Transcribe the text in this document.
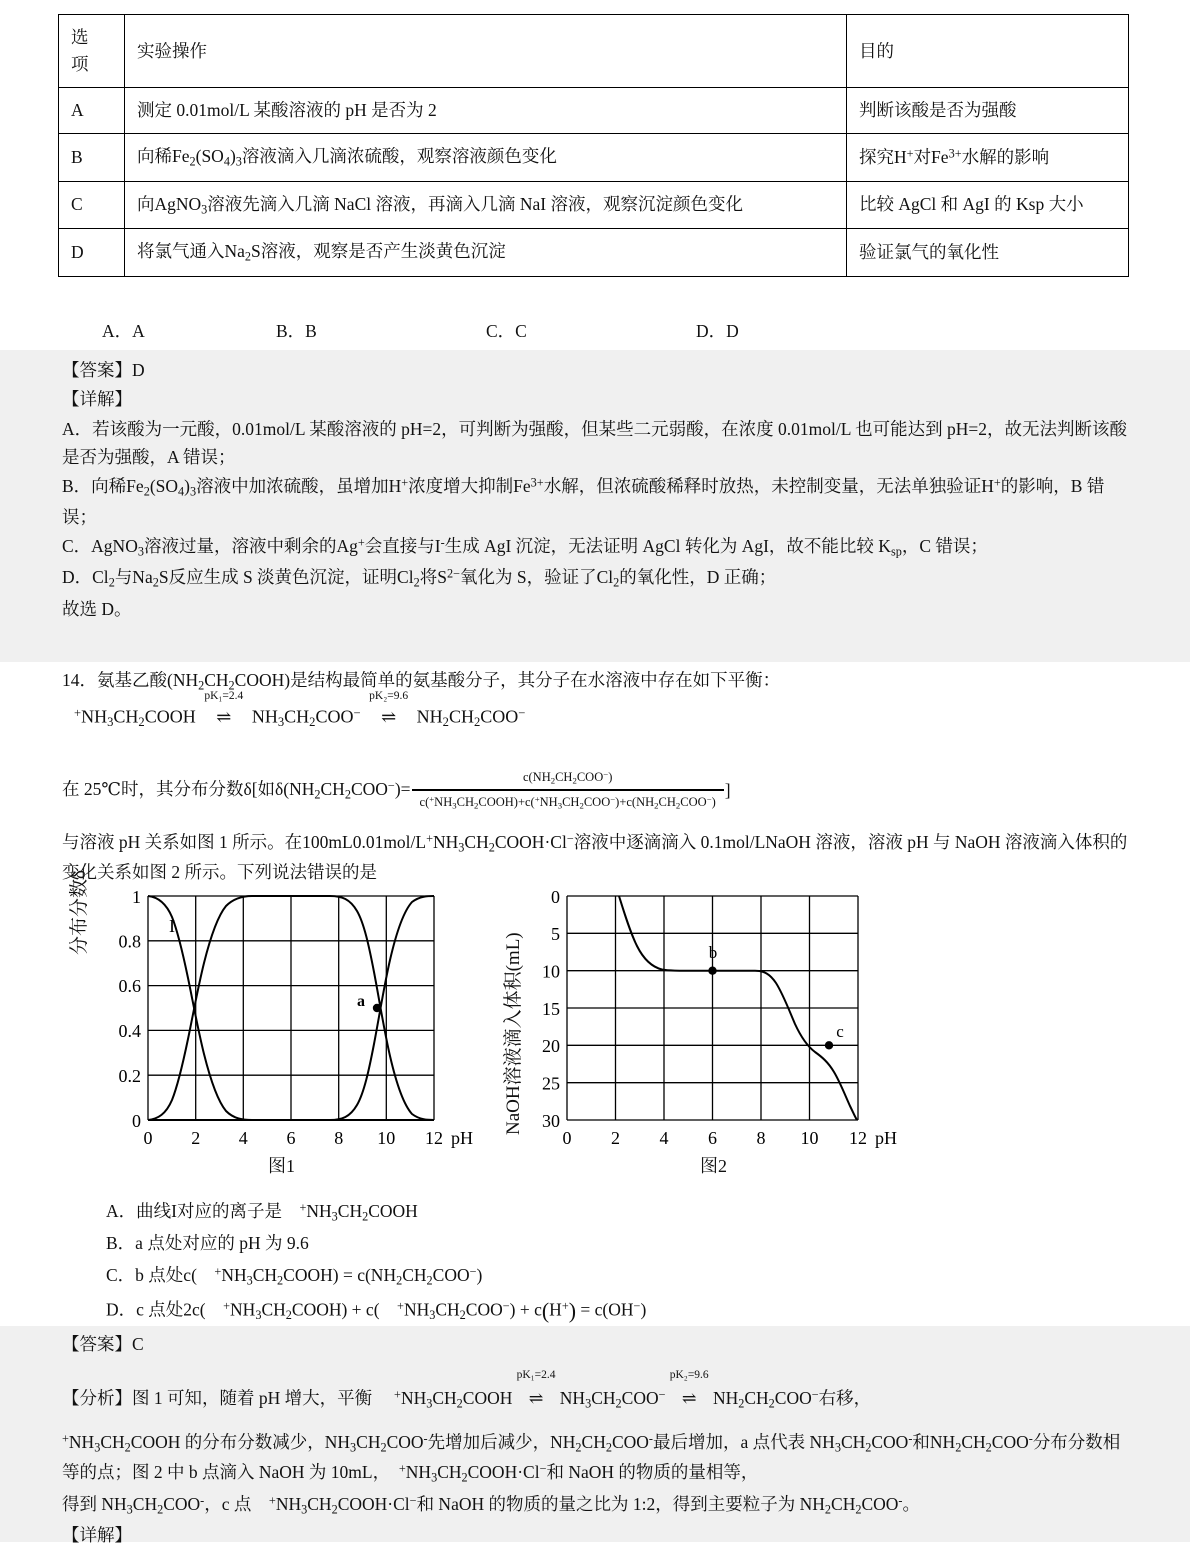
选
项	实验操作	目的
A	测定 0.01mol/L 某酸溶液的 pH 是否为 2	判断该酸是否为强酸
B	向稀$Fe_2(SO_4)_3$溶液滴入几滴浓硫酸，观察溶液颜色变化	探究H+对$Fe^{3+}$水解的影响
C	向AgNO$_3$溶液先滴入几滴 NaCl 溶液，再滴入几滴 NaI 溶液，观察沉淀颜色变化	比较 AgCl 和 AgI 的 Ksp 大小
D	将氯气通入$Na_2S$溶液，观察是否产生淡黄色沉淀	验证氯气的氧化性
A．A	B．B	C．C	D．D

【答案】D

【详解】

A．若该酸为一元酸，0.01mol/L 某酸溶液的 pH=2，可判断为强酸，但某些二元弱酸，在浓度 0.01mol/L 也可能达到 pH=2，故无法判断该酸是否为强酸，A 错误；

B．向稀$Fe_2(SO_4)_3$溶液中加浓硫酸，虽增加H+浓度增大抑制$Fe^{3+}$水解，但浓硫酸稀释时放热，未控制变量，无法单独验证H+的影响，B 错误；

C．AgNO$_3$溶液过量，溶液中剩余的Ag+会直接与I-生成 AgI 沉淀，无法证明 AgCl 转化为 AgI，故不能比较 $K_{sp}$，C 错误；

D．$Cl_2$与$Na_2S$反应生成 S 淡黄色沉淀，证明$Cl_2$将$S^{2-}$氧化为 S，验证了$Cl_2$的氧化性，D 正确；

故选 D。

14．氨基乙酸$(NH_2CH_2COOH)$是结构最简单的氨基酸分子，其分子在水溶液中存在如下平衡：
$^+NH_3CH_2COOH$
pK₁=2.4
⇌ $NH_3CH_2COO^-$
pK₂=9.6
⇌ $NH_2CH_2COO^-$
在 25℃时，其分布分数δ[如$\delta(NH_2CH_2COO^-)= \frac{c(NH_2CH_2COO^-)}{c(^+NH_3CH_2COOH)+c(^+NH_3CH_2COO^-)+c(NH_2CH_2COO^-)}$ ]
与溶液 pH 关系如图 1 所示。在$100mL0.01mol/L^+NH_3CH_2COOH\cdot Cl^-$溶液中逐滴滴入 0.1mol/LNaOH 溶液，溶液 pH 与 NaOH 溶液滴入体积的变化关系如图 2 所示。下列说法错误的是
分布分数δ
NaOH溶液滴入体积(mL)
a
I
1
0.8
0.6
0.4
0.2
0
0 2 4 6 8 10 12 pH
b
c
0
5
10
15
20
25
30
0 2 4 6 8 10 12 pH
图1	图2
A．曲线I对应的离子是　$^+NH_3CH_2COOH$
B．a 点处对应的 pH 为 9.6
C．b 点处c(　$^+NH_3CH_2COOH) = c(NH_2CH_2COO^-)$
D．c 点处2c(　$^+NH_3CH_2COOH) + c$(　$^+NH_3CH_2COO^-) + c(H^+) = c(OH^-)$

【答案】C

【分析】图 1 可知，随着 pH 增大，平衡 　$^+NH_3CH_2COOH$
pK₁=2.4
⇌ $NH_3CH_2COO^-$
pK₂=9.6
⇌ $NH_2CH_2COO^-$右移，

$^+NH_3CH_2COOH$ 的分布分数减少，$NH_3CH_2COO^-$先增加后减少，$NH_2CH_2COO^-$最后增加，a 点代表 $NH_3CH_2COO^-$和$NH_2CH_2COO^-$分布分数相等的点；图 2 中 b 点滴入 NaOH 为 10mL，　$^+NH_3CH_2COOH\cdot Cl^-$和 NaOH 的物质的量相等，

得到 $NH_3CH_2COO^-$，c 点　$^+NH_3CH_2COOH\cdot Cl^-$和 NaOH 的物质的量之比为 1:2，得到主要粒子为 $NH_2CH_2COO^-$。

【详解】
